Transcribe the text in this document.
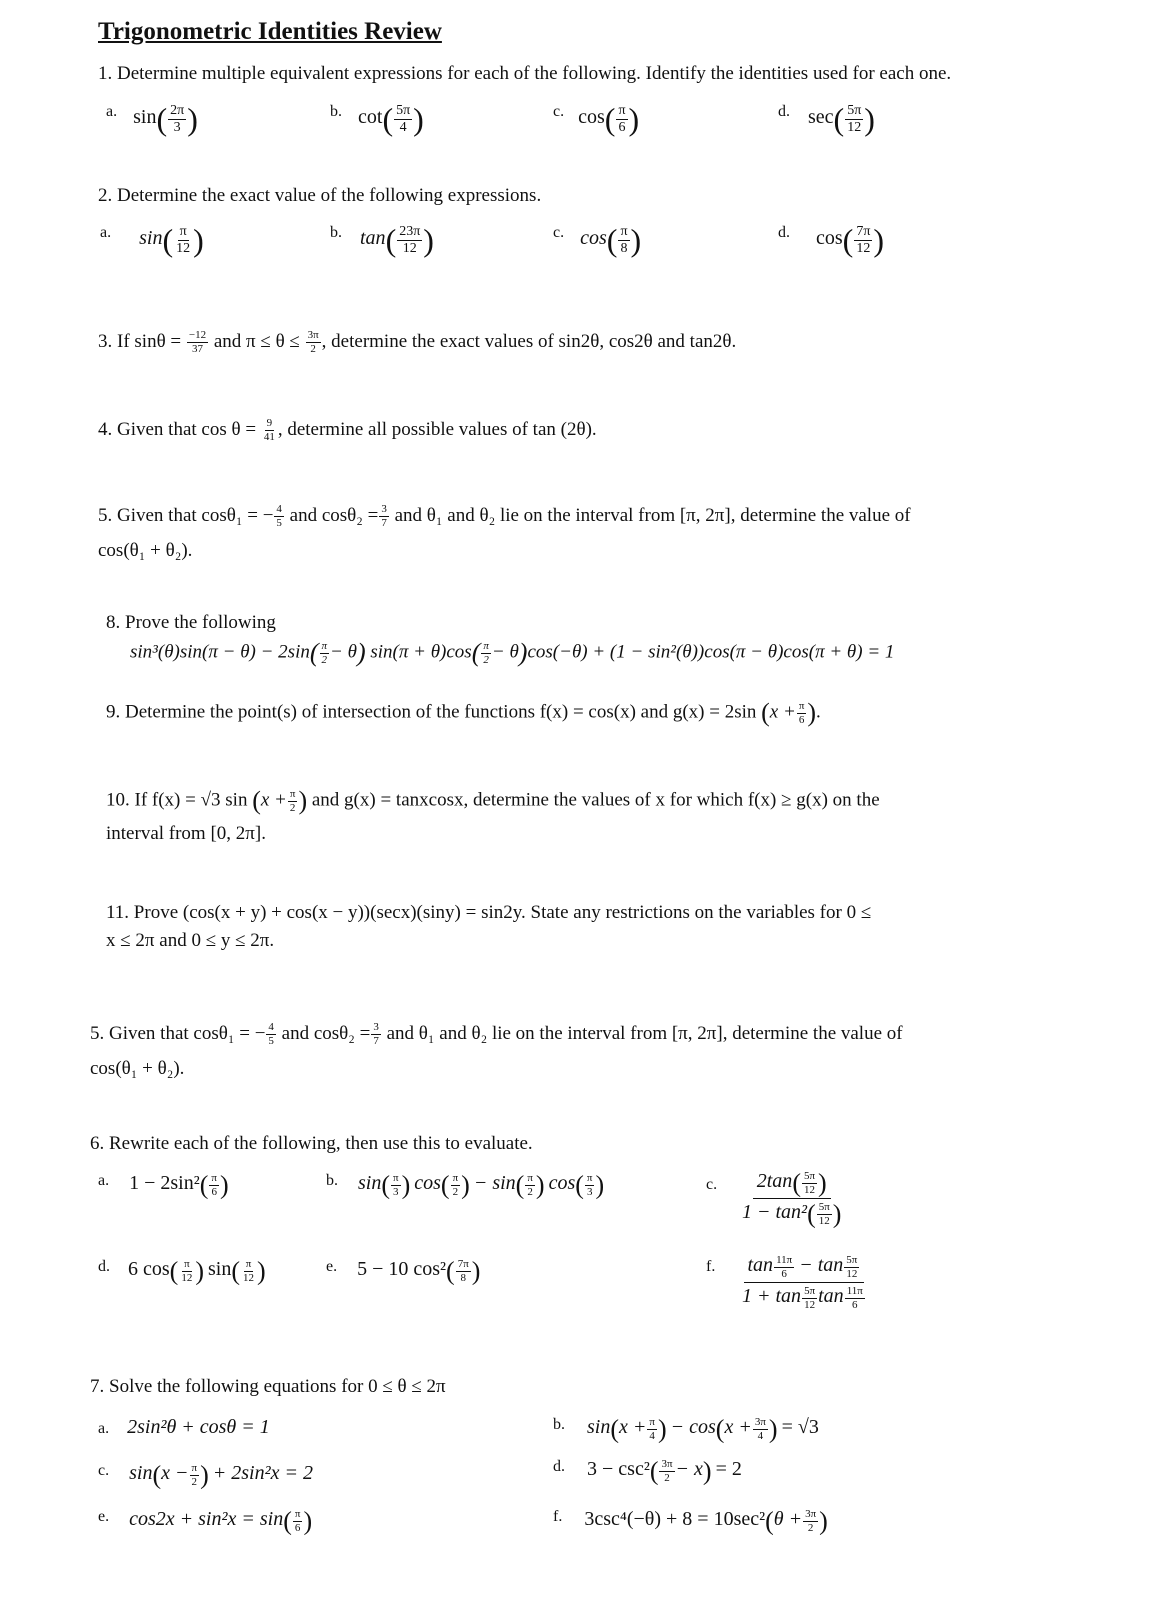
Trigonometric Identities Review
1. Determine multiple equivalent expressions for each of the following. Identify the identities used for each one.
a. $\sin( \frac{2\pi}{3}$ )	b. $\cot( \frac{5\pi}{4}$ )	c. $\cos( \frac{\pi}{6}$ )	d. $\sec( \frac{5\pi}{12}$ )
2. Determine the exact value of the following expressions.
a. $\sin( \frac{\pi}{12}$ )	b. $\tan( \frac{23\pi}{12}$ )	c. $\cos( \frac{\pi}{8}$ )	d. $\cos( \frac{7\pi}{12}$ )
3. If $\sin\theta = \frac{-12}{37}$ and $\pi \le \theta \le \frac{3\pi}{2}$ , determine the exact values of sin2θ, cos2θ and tan2θ.
4. Given that $\cos \theta = \frac{9}{41}$ , determine all possible values of tan (2θ).
5. Given that cosθ₁ = − $\frac{4}{5}$ and $\cos\theta_2 = \frac{3}{7}$ and θ₁ and θ₂ lie on the interval from [π, 2π], determine the value of
cos(θ₁ + θ₂).
8. Prove the following
$\sin^3(\theta)\sin(\pi - \theta) - 2\sin( \frac{\pi}{2} - \theta)$ $\sin(\pi + \theta)\cos( \frac{\pi}{2} - \theta)\cos(-\theta) + (1 - \sin^2(\theta))\cos(\pi - \theta)\cos(\pi + \theta) = 1$
9. Determine the point(s) of intersection of the functions f(x) = cos(x) and g(x) = 2sin ($x + \frac{\pi}{6}$ ).
10. If f(x) = √3 $\sin (x + \frac{\pi}{2}$ ) and g(x) = tanxcosx, determine the values of x for which f(x) ≥ g(x) on the
interval from [0, 2π].
11. Prove (cos(x + y) + cos(x − y))(secx)(siny) = sin2y. State any restrictions on the variables for 0 ≤
x ≤ 2π and 0 ≤ y ≤ 2π.
5. Given that cosθ₁ = − $\frac{4}{5}$ and $\cos\theta_2 = \frac{3}{7}$ and θ₁ and θ₂ lie on the interval from [π, 2π], determine the value of
cos(θ₁ + θ₂).
6. Rewrite each of the following, then use this to evaluate.
a. $1 - 2\sin^2( \frac{\pi}{6}$ )	b. $\sin( \frac{\pi}{3}$ ) $\cos( \frac{\pi}{2}$ ) − $\sin( \frac{\pi}{2}$ ) $\cos( \frac{\pi}{3}$ )	c. $\frac{2\tan( \frac{5\pi}{12} )}{1 - \tan^2( \frac{5\pi}{12} )}$
d. 6 $\cos( \frac{\pi}{12}$ ) $\sin( \frac{\pi}{12}$ )	e. 5 − 10 $\cos^2( \frac{7\pi}{8}$ )	f. $\frac{\tan \frac{11\pi}{6} - \tan \frac{5\pi}{12}}{1 + \tan \frac{5\pi}{12} \tan \frac{11\pi}{6}}$
7. Solve the following equations for 0 ≤ θ ≤ 2π
a. 2sin²θ + cosθ = 1	b. $\sin(x + \frac{\pi}{4}$ ) − $\cos(x + \frac{3\pi}{4}$ ) = √3
c. $\sin(x - \frac{\pi}{2}$ ) + 2sin²x = 2	d. $3 - \csc^2( \frac{3\pi}{2} - x) = 2$
e. $\cos 2x + \sin^2x = \sin( \frac{\pi}{6}$ )	f. $3\csc^4(-\theta) + 8 = 10\sec^2(\theta + \frac{3\pi}{2}$ )
